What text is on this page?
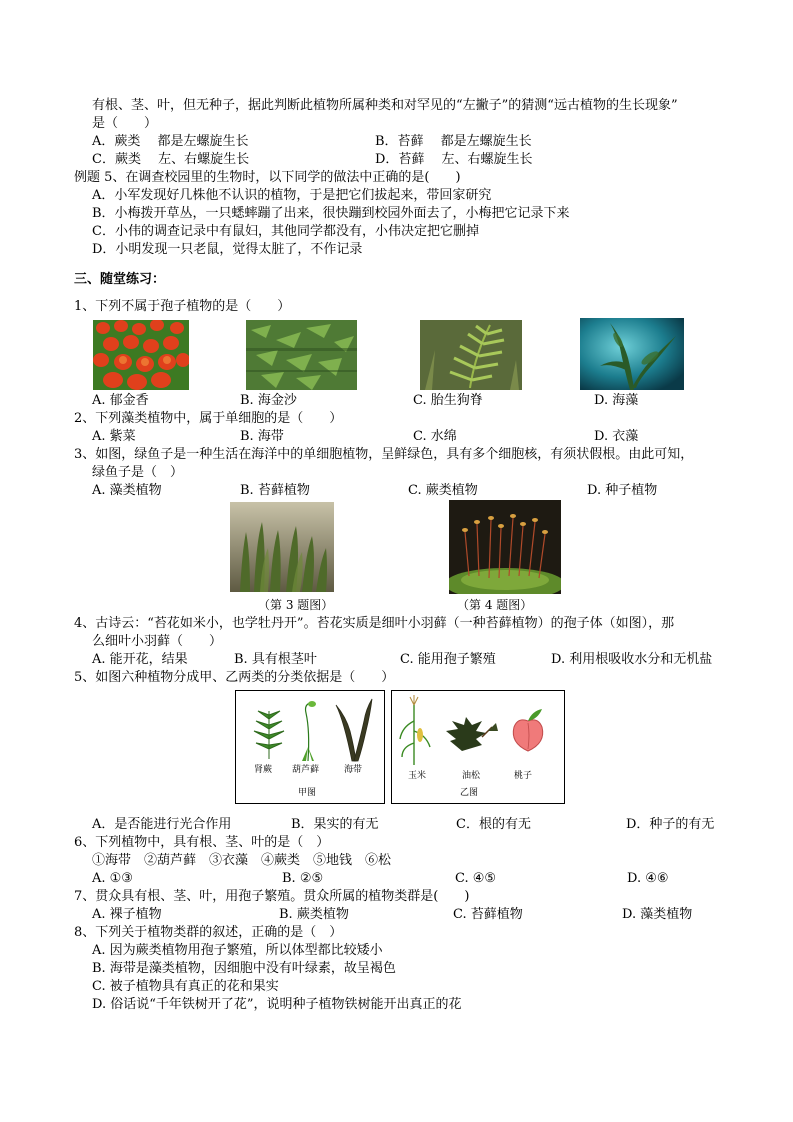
有根、茎、叶，但无种子，据此判断此植物所属种类和对罕见的“左撇子”的猜测“远古植物的生长现象”
是（　　）
A．蕨类　 都是左螺旋生长	B．苔藓　 都是左螺旋生长
C．蕨类　 左、右螺旋生长	D．苔藓　 左、右螺旋生长
例题 5、在调查校园里的生物时，以下同学的做法中正确的是(　　)
A．小军发现好几株他不认识的植物，于是把它们拔起来，带回家研究
B．小梅拨开草丛，一只蟋蟀蹦了出来，很快蹦到校园外面去了，小梅把它记录下来
C．小伟的调查记录中有鼠妇，其他同学都没有，小伟决定把它删掉
D．小明发现一只老鼠，觉得太脏了，不作记录
三、随堂练习：
1、下列不属于孢子植物的是（　　）
A. 郁金香	B. 海金沙	C. 胎生狗脊	D. 海藻
2、下列藻类植物中，属于单细胞的是（　　）
A. 紫菜	B. 海带	C. 水绵	D. 衣藻
3、如图，绿鱼子是一种生活在海洋中的单细胞植物，呈鲜绿色，具有多个细胞核，有须状假根。由此可知，
绿鱼子是（　）
A. 藻类植物	B. 苔藓植物	C. 蕨类植物	D. 种子植物
（第 3 题图）	（第 4 题图）
4、古诗云：“苔花如米小，也学牡丹开”。苔花实质是细叶小羽藓（一种苔藓植物）的孢子体（如图），那
么细叶小羽藓（　　）
A. 能开花，结果	B. 具有根茎叶	C. 能用孢子繁殖	D. 利用根吸收水分和无机盐
5、如图六种植物分成甲、乙两类的分类依据是（　　）
肾蕨 葫芦藓	海带
甲图
玉米	油松	桃子
乙图
A．是否能进行光合作用	B．果实的有无	C．根的有无	D．种子的有无
6、下列植物中，具有根、茎、叶的是（　）
①海带　②葫芦藓　③衣藻　④蕨类　⑤地钱　⑥松
A. ①③	B. ②⑤	C. ④⑤	D. ④⑥
7、贯众具有根、茎、叶，用孢子繁殖。贯众所属的植物类群是(　　)
A. 裸子植物	B. 蕨类植物	C. 苔藓植物	D. 藻类植物
8、下列关于植物类群的叙述，正确的是（　）
A. 因为蕨类植物用孢子繁殖，所以体型都比较矮小
B. 海带是藻类植物，因细胞中没有叶绿素，故呈褐色
C. 被子植物具有真正的花和果实
D. 俗话说“千年铁树开了花”，说明种子植物铁树能开出真正的花
